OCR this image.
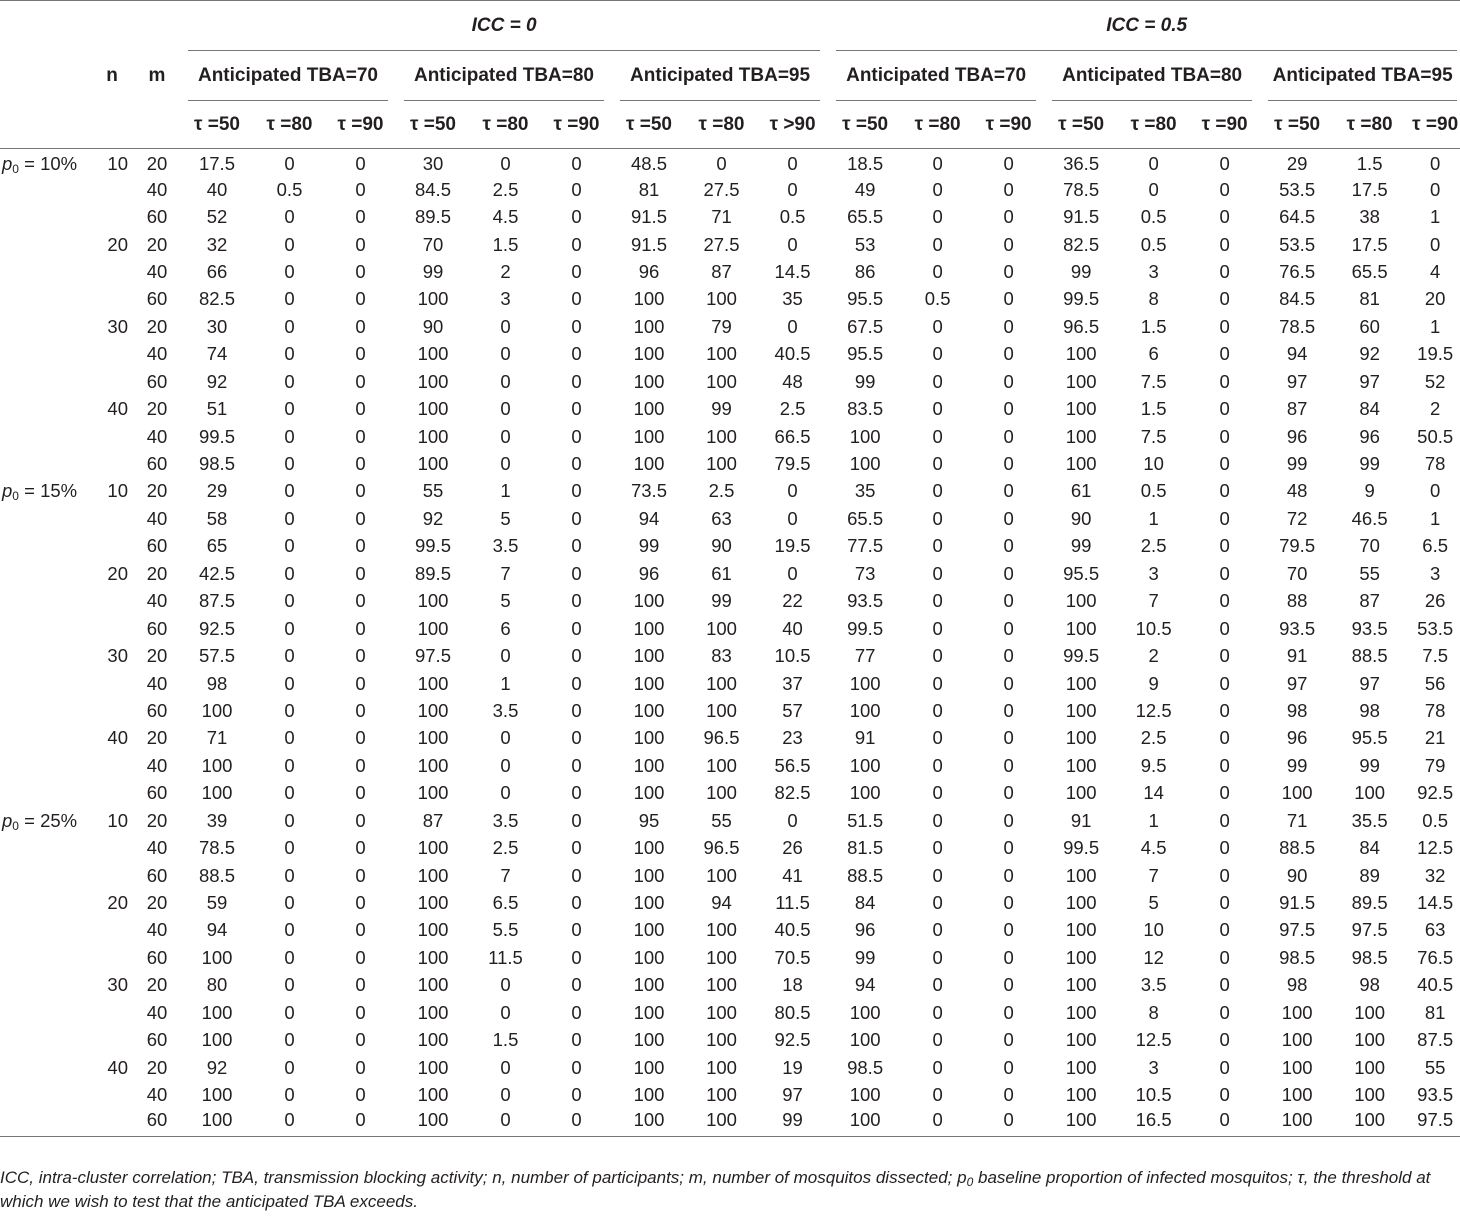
			ICC = 0									ICC = 0.5								
	n	m	Anticipated TBA=70			Anticipated TBA=80			Anticipated TBA=95			Anticipated TBA=70			Anticipated TBA=80			Anticipated TBA=95		
			τ =50	τ =80	τ =90	τ =50	τ =80	τ =90	τ =50	τ =80	τ >90	τ =50	τ =80	τ =90	τ =50	τ =80	τ =90	τ =50	τ =80	τ =90
$p_0 = 10\%$	10	20	17.5	0	0	30	0	0	48.5	0	0	18.5	0	0	36.5	0	0	29	1.5	0
		40	40	0.5	0	84.5	2.5	0	81	27.5	0	49	0	0	78.5	0	0	53.5	17.5	0
		60	52	0	0	89.5	4.5	0	91.5	71	0.5	65.5	0	0	91.5	0.5	0	64.5	38	1
	20	20	32	0	0	70	1.5	0	91.5	27.5	0	53	0	0	82.5	0.5	0	53.5	17.5	0
		40	66	0	0	99	2	0	96	87	14.5	86	0	0	99	3	0	76.5	65.5	4
		60	82.5	0	0	100	3	0	100	100	35	95.5	0.5	0	99.5	8	0	84.5	81	20
	30	20	30	0	0	90	0	0	100	79	0	67.5	0	0	96.5	1.5	0	78.5	60	1
		40	74	0	0	100	0	0	100	100	40.5	95.5	0	0	100	6	0	94	92	19.5
		60	92	0	0	100	0	0	100	100	48	99	0	0	100	7.5	0	97	97	52
	40	20	51	0	0	100	0	0	100	99	2.5	83.5	0	0	100	1.5	0	87	84	2
		40	99.5	0	0	100	0	0	100	100	66.5	100	0	0	100	7.5	0	96	96	50.5
		60	98.5	0	0	100	0	0	100	100	79.5	100	0	0	100	10	0	99	99	78
$p_0 = 15\%$	10	20	29	0	0	55	1	0	73.5	2.5	0	35	0	0	61	0.5	0	48	9	0
		40	58	0	0	92	5	0	94	63	0	65.5	0	0	90	1	0	72	46.5	1
		60	65	0	0	99.5	3.5	0	99	90	19.5	77.5	0	0	99	2.5	0	79.5	70	6.5
	20	20	42.5	0	0	89.5	7	0	96	61	0	73	0	0	95.5	3	0	70	55	3
		40	87.5	0	0	100	5	0	100	99	22	93.5	0	0	100	7	0	88	87	26
		60	92.5	0	0	100	6	0	100	100	40	99.5	0	0	100	10.5	0	93.5	93.5	53.5
	30	20	57.5	0	0	97.5	0	0	100	83	10.5	77	0	0	99.5	2	0	91	88.5	7.5
		40	98	0	0	100	1	0	100	100	37	100	0	0	100	9	0	97	97	56
		60	100	0	0	100	3.5	0	100	100	57	100	0	0	100	12.5	0	98	98	78
	40	20	71	0	0	100	0	0	100	96.5	23	91	0	0	100	2.5	0	96	95.5	21
		40	100	0	0	100	0	0	100	100	56.5	100	0	0	100	9.5	0	99	99	79
		60	100	0	0	100	0	0	100	100	82.5	100	0	0	100	14	0	100	100	92.5
$p_0 = 25\%$	10	20	39	0	0	87	3.5	0	95	55	0	51.5	0	0	91	1	0	71	35.5	0.5
		40	78.5	0	0	100	2.5	0	100	96.5	26	81.5	0	0	99.5	4.5	0	88.5	84	12.5
		60	88.5	0	0	100	7	0	100	100	41	88.5	0	0	100	7	0	90	89	32
	20	20	59	0	0	100	6.5	0	100	94	11.5	84	0	0	100	5	0	91.5	89.5	14.5
		40	94	0	0	100	5.5	0	100	100	40.5	96	0	0	100	10	0	97.5	97.5	63
		60	100	0	0	100	11.5	0	100	100	70.5	99	0	0	100	12	0	98.5	98.5	76.5
	30	20	80	0	0	100	0	0	100	100	18	94	0	0	100	3.5	0	98	98	40.5
		40	100	0	0	100	0	0	100	100	80.5	100	0	0	100	8	0	100	100	81
		60	100	0	0	100	1.5	0	100	100	92.5	100	0	0	100	12.5	0	100	100	87.5
	40	20	92	0	0	100	0	0	100	100	19	98.5	0	0	100	3	0	100	100	55
		40	100	0	0	100	0	0	100	100	97	100	0	0	100	10.5	0	100	100	93.5
		60	100	0	0	100	0	0	100	100	99	100	0	0	100	16.5	0	100	100	97.5
ICC, intra-cluster correlation; TBA, transmission blocking activity; n, number of participants; m, number of mosquitos dissected; $p_0$ baseline proportion of infected mosquitos; τ, the threshold at which we wish to test that the anticipated TBA exceeds.
